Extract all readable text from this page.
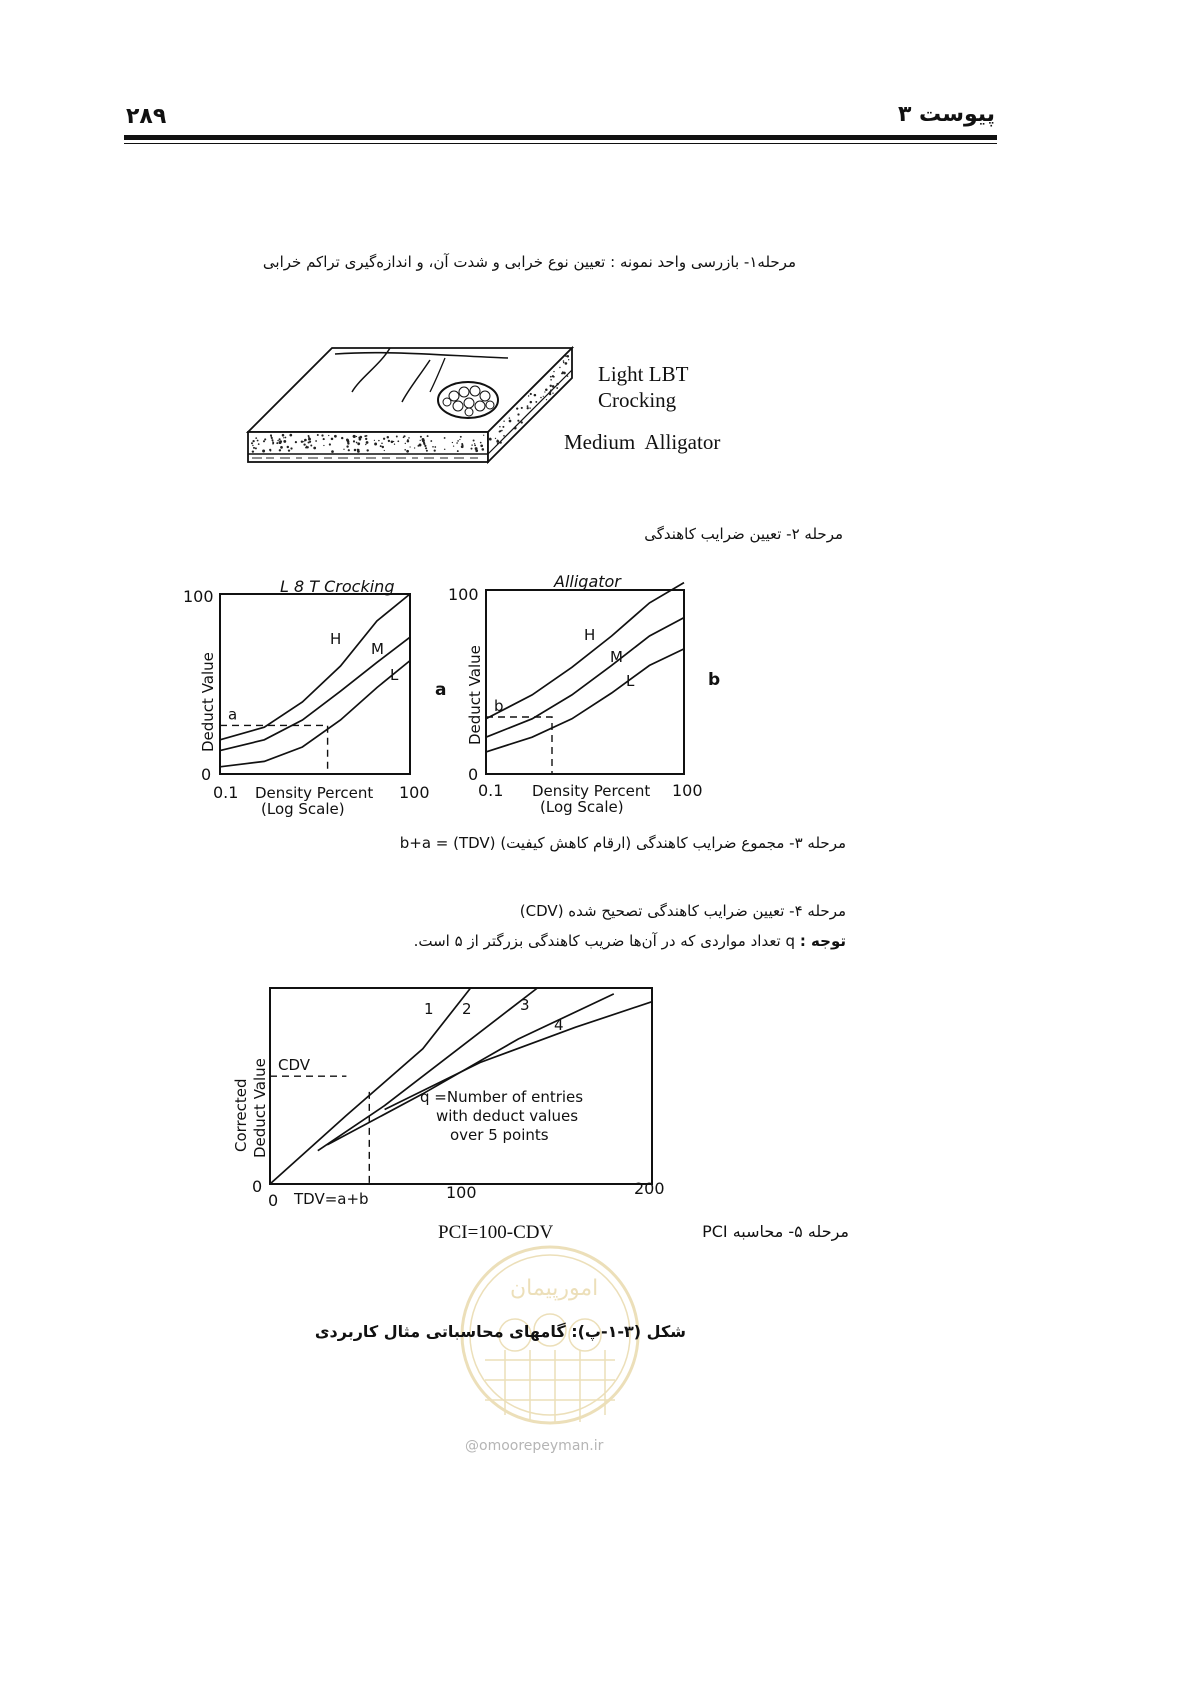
۲۸۹	پیوست ۳
مرحله۱- بازرسی واحد نمونه : تعیین نوع خرابی و شدت آن، و اندازه‌گیری تراکم خرابی
Light LBT
Crocking
Medium  Alligator
مرحله ۲- تعیین ضرایب کاهندگی
L 8 T Crocking
100
0
Deduct Value
H
M
L
a
0.1	100
Density Percent
(Log Scale)
a
Alligator
100
0
Deduct Value
H
M
L
b
0.1	100
Density Percent
(Log Scale)
b
مرحله ۳- مجموع ضرایب کاهندگی (ارقام کاهش کیفیت) b+a = (TDV)
مرحله ۴- تعیین ضرایب کاهندگی تصحیح شده (CDV)
توجه : q تعداد مواردی که در آن‌ها ضریب کاهندگی بزرگتر از ۵ است.
Corrected Deduct Value
0
1 2	3
4
CDV
0 TDV=a+b	100	200
q =Number of entries
with deduct values
over 5 points
مرحله ۵- محاسبه PCI
PCI=100-CDV
امورپیمان
شکل (۳-۱-پ): گامهای محاسباتی مثال کاربردی
@omoorepeyman.ir
